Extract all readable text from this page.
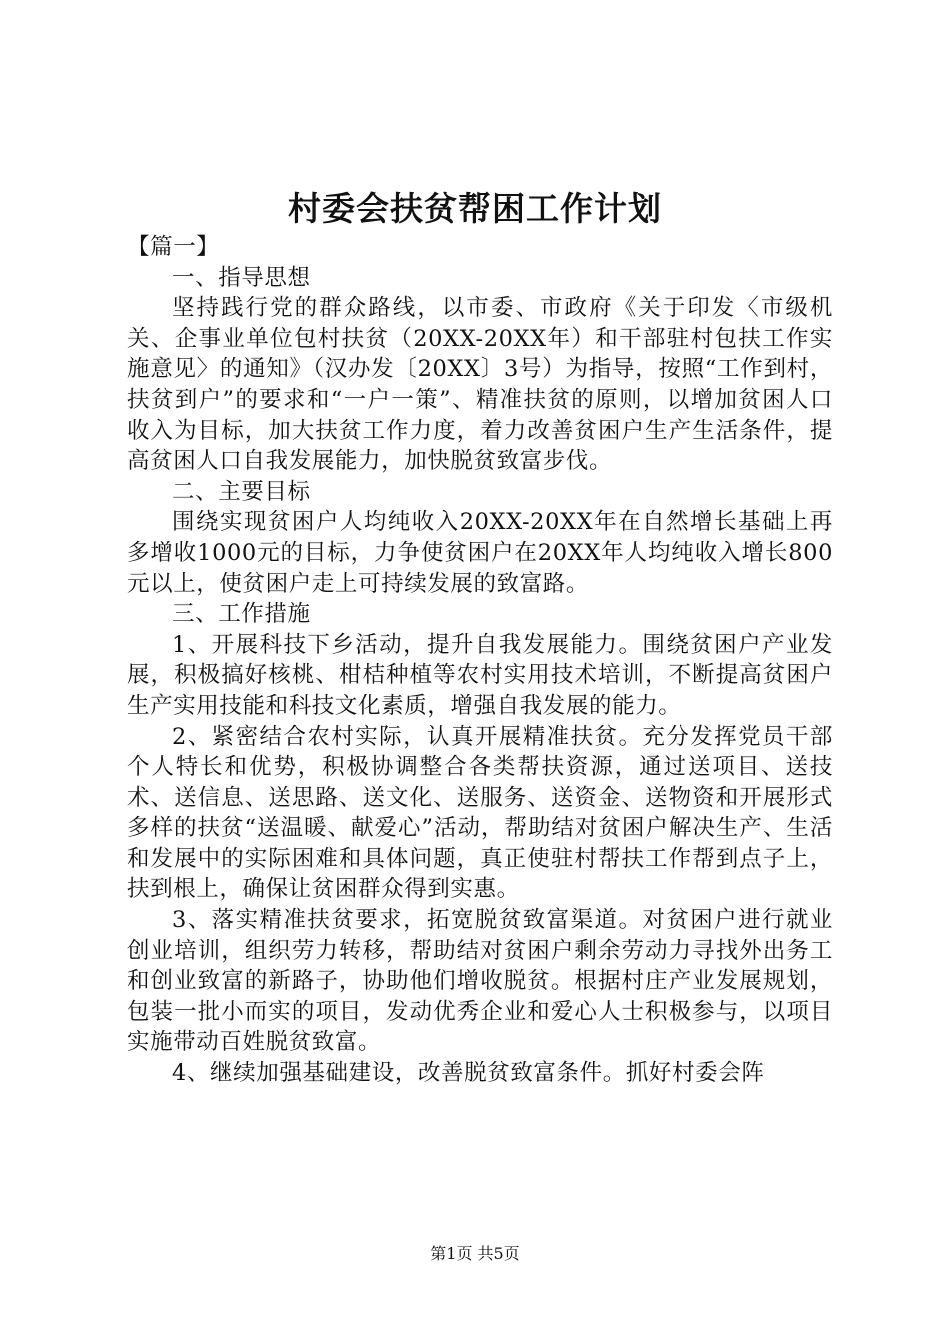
村委会扶贫帮困工作计划

【篇一】

一、指导思想

坚持践行党的群众路线，以市委、市政府《关于印发〈市级机关、企事业单位包村扶贫（20XX-20XX年）和干部驻村包扶工作实施意见〉的通知》（汉办发〔20XX〕3号）为指导，按照“工作到村，扶贫到户”的要求和“一户一策”、精准扶贫的原则，以增加贫困人口收入为目标，加大扶贫工作力度，着力改善贫困户生产生活条件，提高贫困人口自我发展能力，加快脱贫致富步伐。

二、主要目标

围绕实现贫困户人均纯收入20XX-20XX年在自然增长基础上再多增收1000元的目标，力争使贫困户在20XX年人均纯收入增长800元以上，使贫困户走上可持续发展的致富路。

三、工作措施

1、开展科技下乡活动，提升自我发展能力。围绕贫困户产业发展，积极搞好核桃、柑桔种植等农村实用技术培训，不断提高贫困户生产实用技能和科技文化素质，增强自我发展的能力。

2、紧密结合农村实际，认真开展精准扶贫。充分发挥党员干部个人特长和优势，积极协调整合各类帮扶资源，通过送项目、送技术、送信息、送思路、送文化、送服务、送资金、送物资和开展形式多样的扶贫“送温暖、献爱心”活动，帮助结对贫困户解决生产、生活和发展中的实际困难和具体问题，真正使驻村帮扶工作帮到点子上，扶到根上，确保让贫困群众得到实惠。

3、落实精准扶贫要求，拓宽脱贫致富渠道。对贫困户进行就业创业培训，组织劳力转移，帮助结对贫困户剩余劳动力寻找外出务工和创业致富的新路子，协助他们增收脱贫。根据村庄产业发展规划，包装一批小而实的项目，发动优秀企业和爱心人士积极参与，以项目实施带动百姓脱贫致富。

4、继续加强基础建设，改善脱贫致富条件。抓好村委会阵

第1页 共5页
